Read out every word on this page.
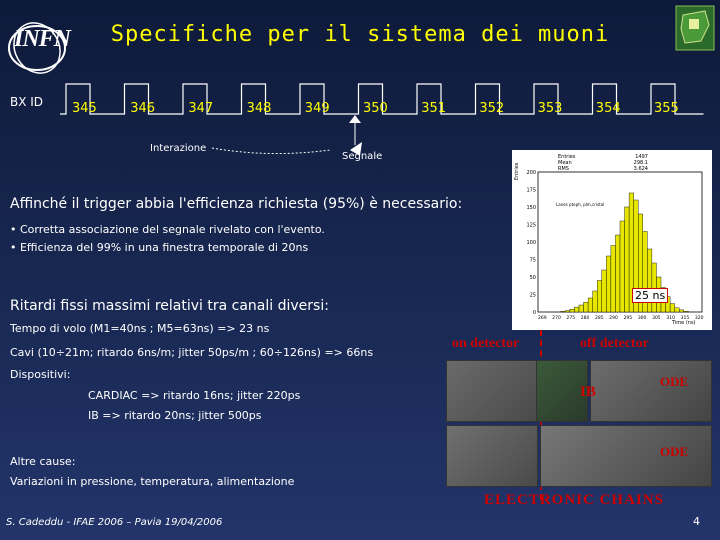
INFN	Specifiche per il sistema dei muoni
BX ID 345	346	347	348	349	350	351	352	353	354	355
Interazione
Segnale
Affinché il trigger abbia l'efficienza richiesta (95%) è necessario:
• Corretta associazione del segnale rivelato con l'evento.
• Efficienza del 99% in una finestra temporale di 20ns
Ritardi fissi massimi relativi tra canali diversi:
Tempo di volo (M1=40ns ; M5=63ns) => 23 ns
Cavi (10÷21m; ritardo 6ns/m; jitter 50ps/m ; 60÷126ns) => 66ns
Dispositivi:
CARDIAC => ritardo 16ns; jitter 220ps
IB => ritardo 20ns; jitter 500ps
Altre cause:
Variazioni in pressione, temperatura, alimentazione
0
25
50
75
100
125
150
175
200
269 270 275 280 285 290 295 300 305 310 315 320
Entries	1497
Mean	298.1
RMS	3.624
Lanes ptoph, plm,cristal
Entries
Time (ns)
25 ns
on detector	off detector
IB
ODE
ODE
ELECTRONIC CHAINS
S. Cadeddu - IFAE 2006 – Pavia 19/04/2006	4
